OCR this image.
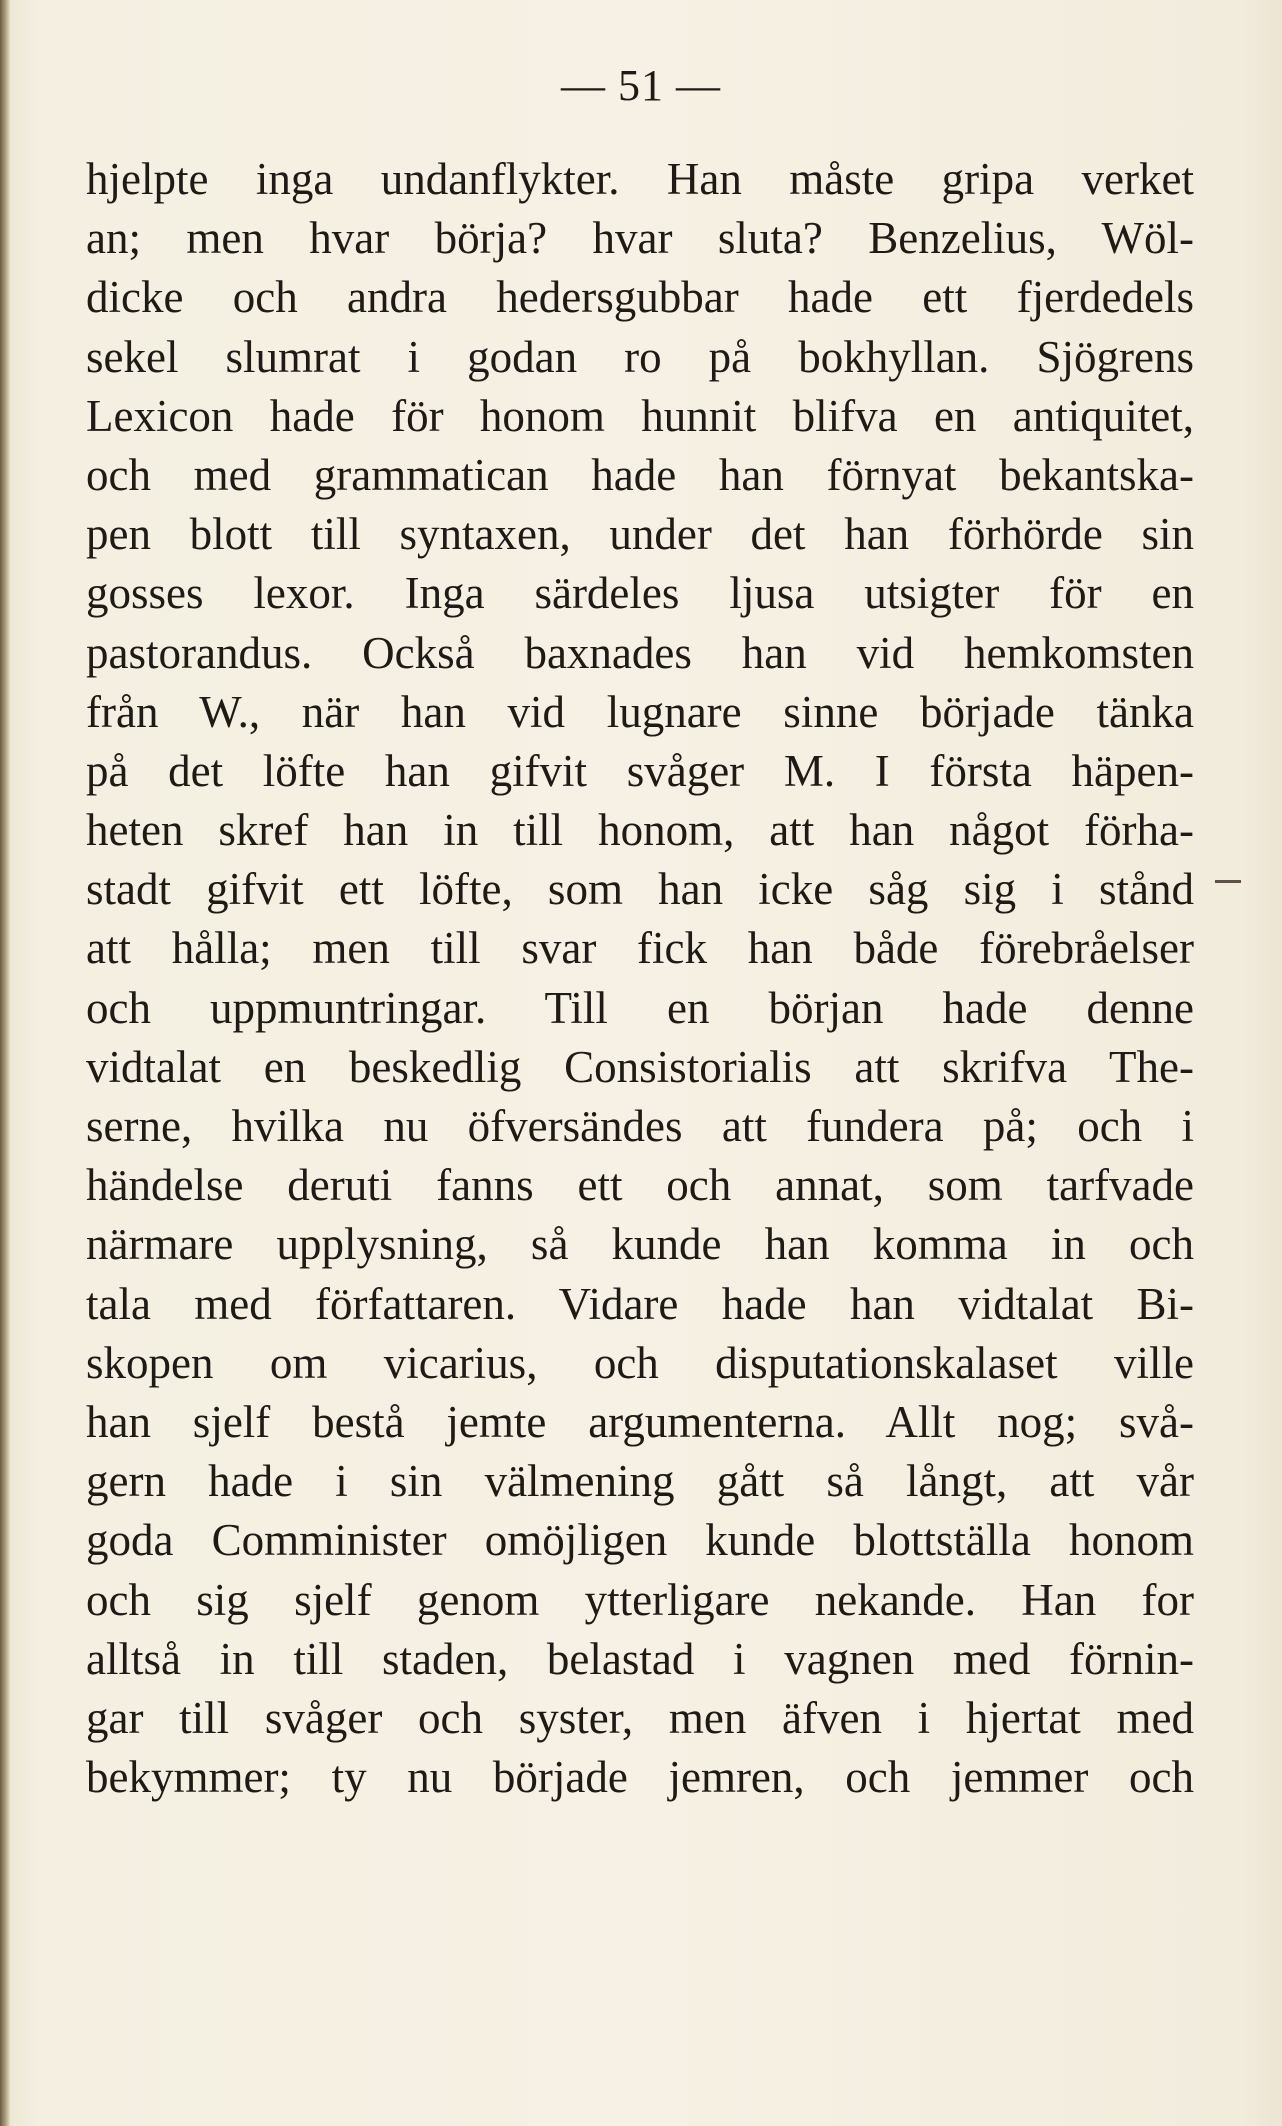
— 51 —
hjelpte inga undanflykter. Han måste gripa verket
an; men hvar börja? hvar sluta? Benzelius, Wöl-
dicke och andra hedersgubbar hade ett fjerdedels
sekel slumrat i godan ro på bokhyllan. Sjögrens
Lexicon hade för honom hunnit blifva en antiquitet,
och med grammatican hade han förnyat bekantska-
pen blott till syntaxen, under det han förhörde sin
gosses lexor. Inga särdeles ljusa utsigter för en
pastorandus. Också baxnades han vid hemkomsten
från W., när han vid lugnare sinne började tänka
på det löfte han gifvit svåger M. I första häpen-
heten skref han in till honom, att han något förha-
stadt gifvit ett löfte, som han icke såg sig i stånd
att hålla; men till svar fick han både förebråelser
och uppmuntringar. Till en början hade denne
vidtalat en beskedlig Consistorialis att skrifva The-
serne, hvilka nu öfversändes att fundera på; och i
händelse deruti fanns ett och annat, som tarfvade
närmare upplysning, så kunde han komma in och
tala med författaren. Vidare hade han vidtalat Bi-
skopen om vicarius, och disputationskalaset ville
han sjelf bestå jemte argumenterna. Allt nog; svå-
gern hade i sin välmening gått så långt, att vår
goda Comminister omöjligen kunde blottställa honom
och sig sjelf genom ytterligare nekande. Han for
alltså in till staden, belastad i vagnen med förnin-
gar till svåger och syster, men äfven i hjertat med
bekymmer; ty nu började jemren, och jemmer och
